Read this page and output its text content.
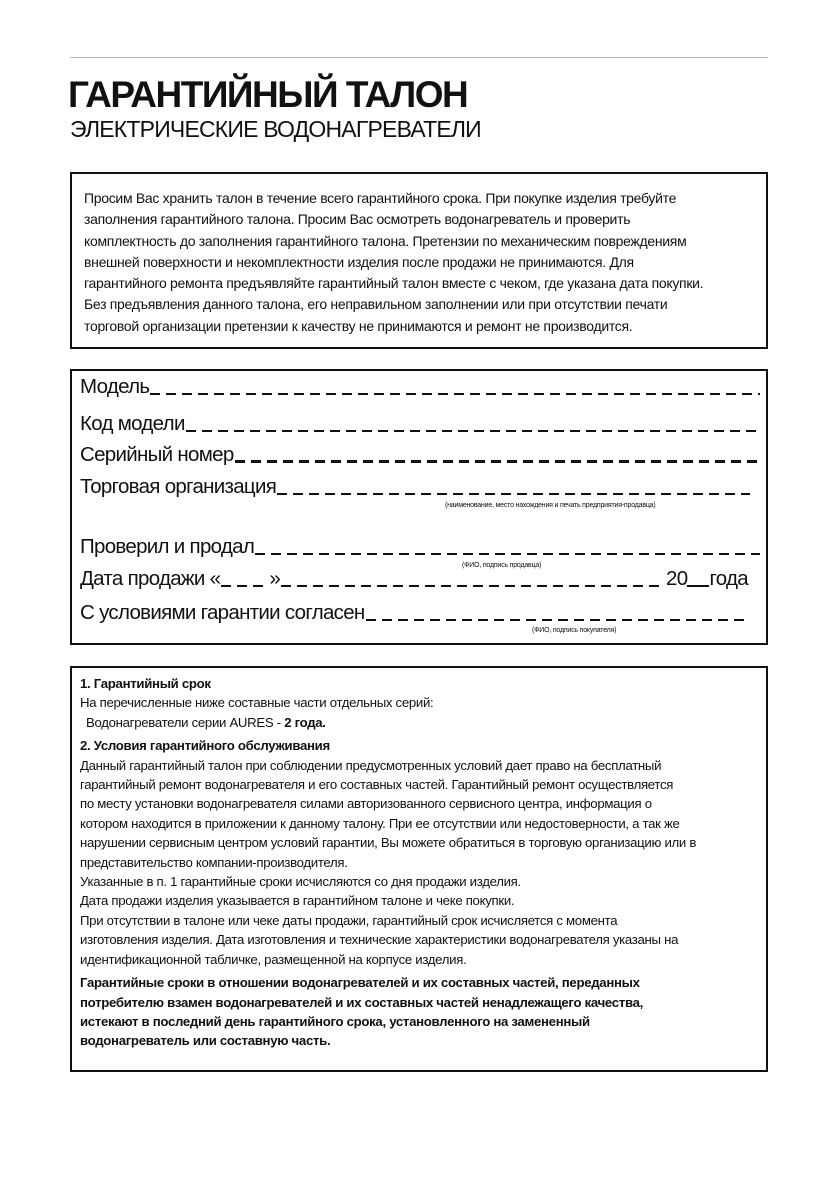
ГАРАНТИЙНЫЙ ТАЛОН
ЭЛЕКТРИЧЕСКИЕ ВОДОНАГРЕВАТЕЛИ
Просим Вас хранить талон в течение всего гарантийного срока. При покупке изделия требуйте
заполнения гарантийного талона. Просим Вас осмотреть водонагреватель и проверить
комплектность до заполнения гарантийного талона. Претензии по механическим повреждениям
внешней поверхности и некомплектности изделия после продажи не принимаются. Для
гарантийного ремонта предъявляйте гарантийный талон вместе с чеком, где указана дата покупки.
Без предъявления данного талона, его неправильном заполнении или при отсутствии печати
торговой организации претензии к качеству не принимаются и ремонт не производится.
Модель
Код модели
Серийный номер
Торговая организация
(наименование, место нахождения и печать предприятия-продавца)
Проверил и продал
(ФИО, подпись продавца)
Дата продажи « »	20 года
С условиями гарантии согласен
(ФИО, подпись покупателя)
1. Гарантийный срок
На перечисленные ниже составные части отдельных серий:
Водонагреватели серии AURES - 2 года.
2. Условия гарантийного обслуживания
Данный гарантийный талон при соблюдении предусмотренных условий дает право на бесплатный
гарантийный ремонт водонагревателя и его составных частей. Гарантийный ремонт осуществляется
по месту установки водонагревателя силами авторизованного сервисного центра, информация о
котором находится в приложении к данному талону. При ее отсутствии или недостоверности, а так же
нарушении сервисным центром условий гарантии, Вы можете обратиться в торговую организацию или в
представительство компании-производителя.
Указанные в п. 1 гарантийные сроки исчисляются со дня продажи изделия.
Дата продажи изделия указывается в гарантийном талоне и чеке покупки.
При отсутствии в талоне или чеке даты продажи, гарантийный срок исчисляется с момента
изготовления изделия. Дата изготовления и технические характеристики водонагревателя указаны на
идентификационной табличке, размещенной на корпусе изделия.
Гарантийные сроки в отношении водонагревателей и их составных частей, переданных
потребителю взамен водонагревателей и их составных частей ненадлежащего качества,
истекают в последний день гарантийного срока, установленного на замененный
водонагреватель или составную часть.
